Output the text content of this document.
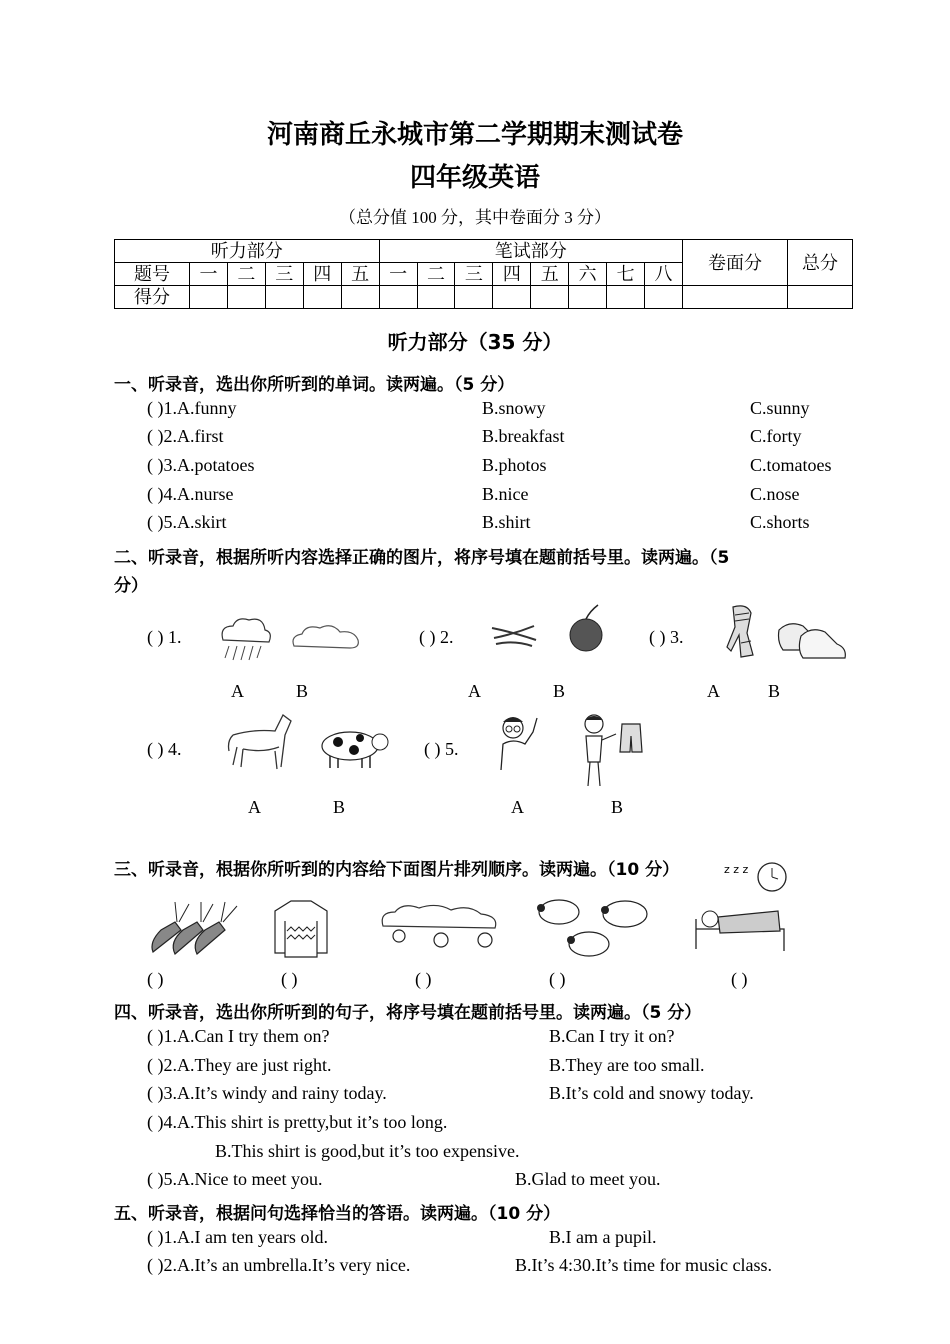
河南商丘永城市第二学期期末测试卷
四年级英语
（总分值 100 分，其中卷面分 3 分）
听力部分						笔试部分								卷面分	总分
题号	一	二	三	四	五	一	二	三	四	五	六	七	八		
得分															
听力部分（35 分）
一、听录音，选出你所听到的单词。读两遍。（5 分）
( )1.A.funny	B.snowy	C.sunny
( )2.A.first	B.breakfast	C.forty
( )3.A.potatoes	B.photos	C.tomatoes
( )4.A.nurse	B.nice	C.nose
( )5.A.skirt	B.shirt	C.shorts
二、听录音，根据所听内容选择正确的图片，将序号填在题前括号里。读两遍。（5
分）
( ) 1.	( ) 2.	( ) 3.
A	B	A	B	A	B
( ) 4.	( ) 5.
A	B	A	B
三、听录音，根据你所听到的内容给下面图片排列顺序。读两遍。（10 分）	z z z
( )	( )	( )	( )	( )
四、听录音，选出你所听到的句子，将序号填在题前括号里。读两遍。（5 分）
( )1.A.Can I try them on?	B.Can I try it on?
( )2.A.They are just right.	B.They are too small.
( )3.A.It’s windy and rainy today.	B.It’s cold and snowy today.
( )4.A.This shirt is pretty,but it’s too long.
B.This shirt is good,but it’s too expensive.
( )5.A.Nice to meet you.	B.Glad to meet you.
五、听录音，根据问句选择恰当的答语。读两遍。（10 分）
( )1.A.I am ten years old.	B.I am a pupil.
( )2.A.It’s an umbrella.It’s very nice.	B.It’s 4:30.It’s time for music class.
